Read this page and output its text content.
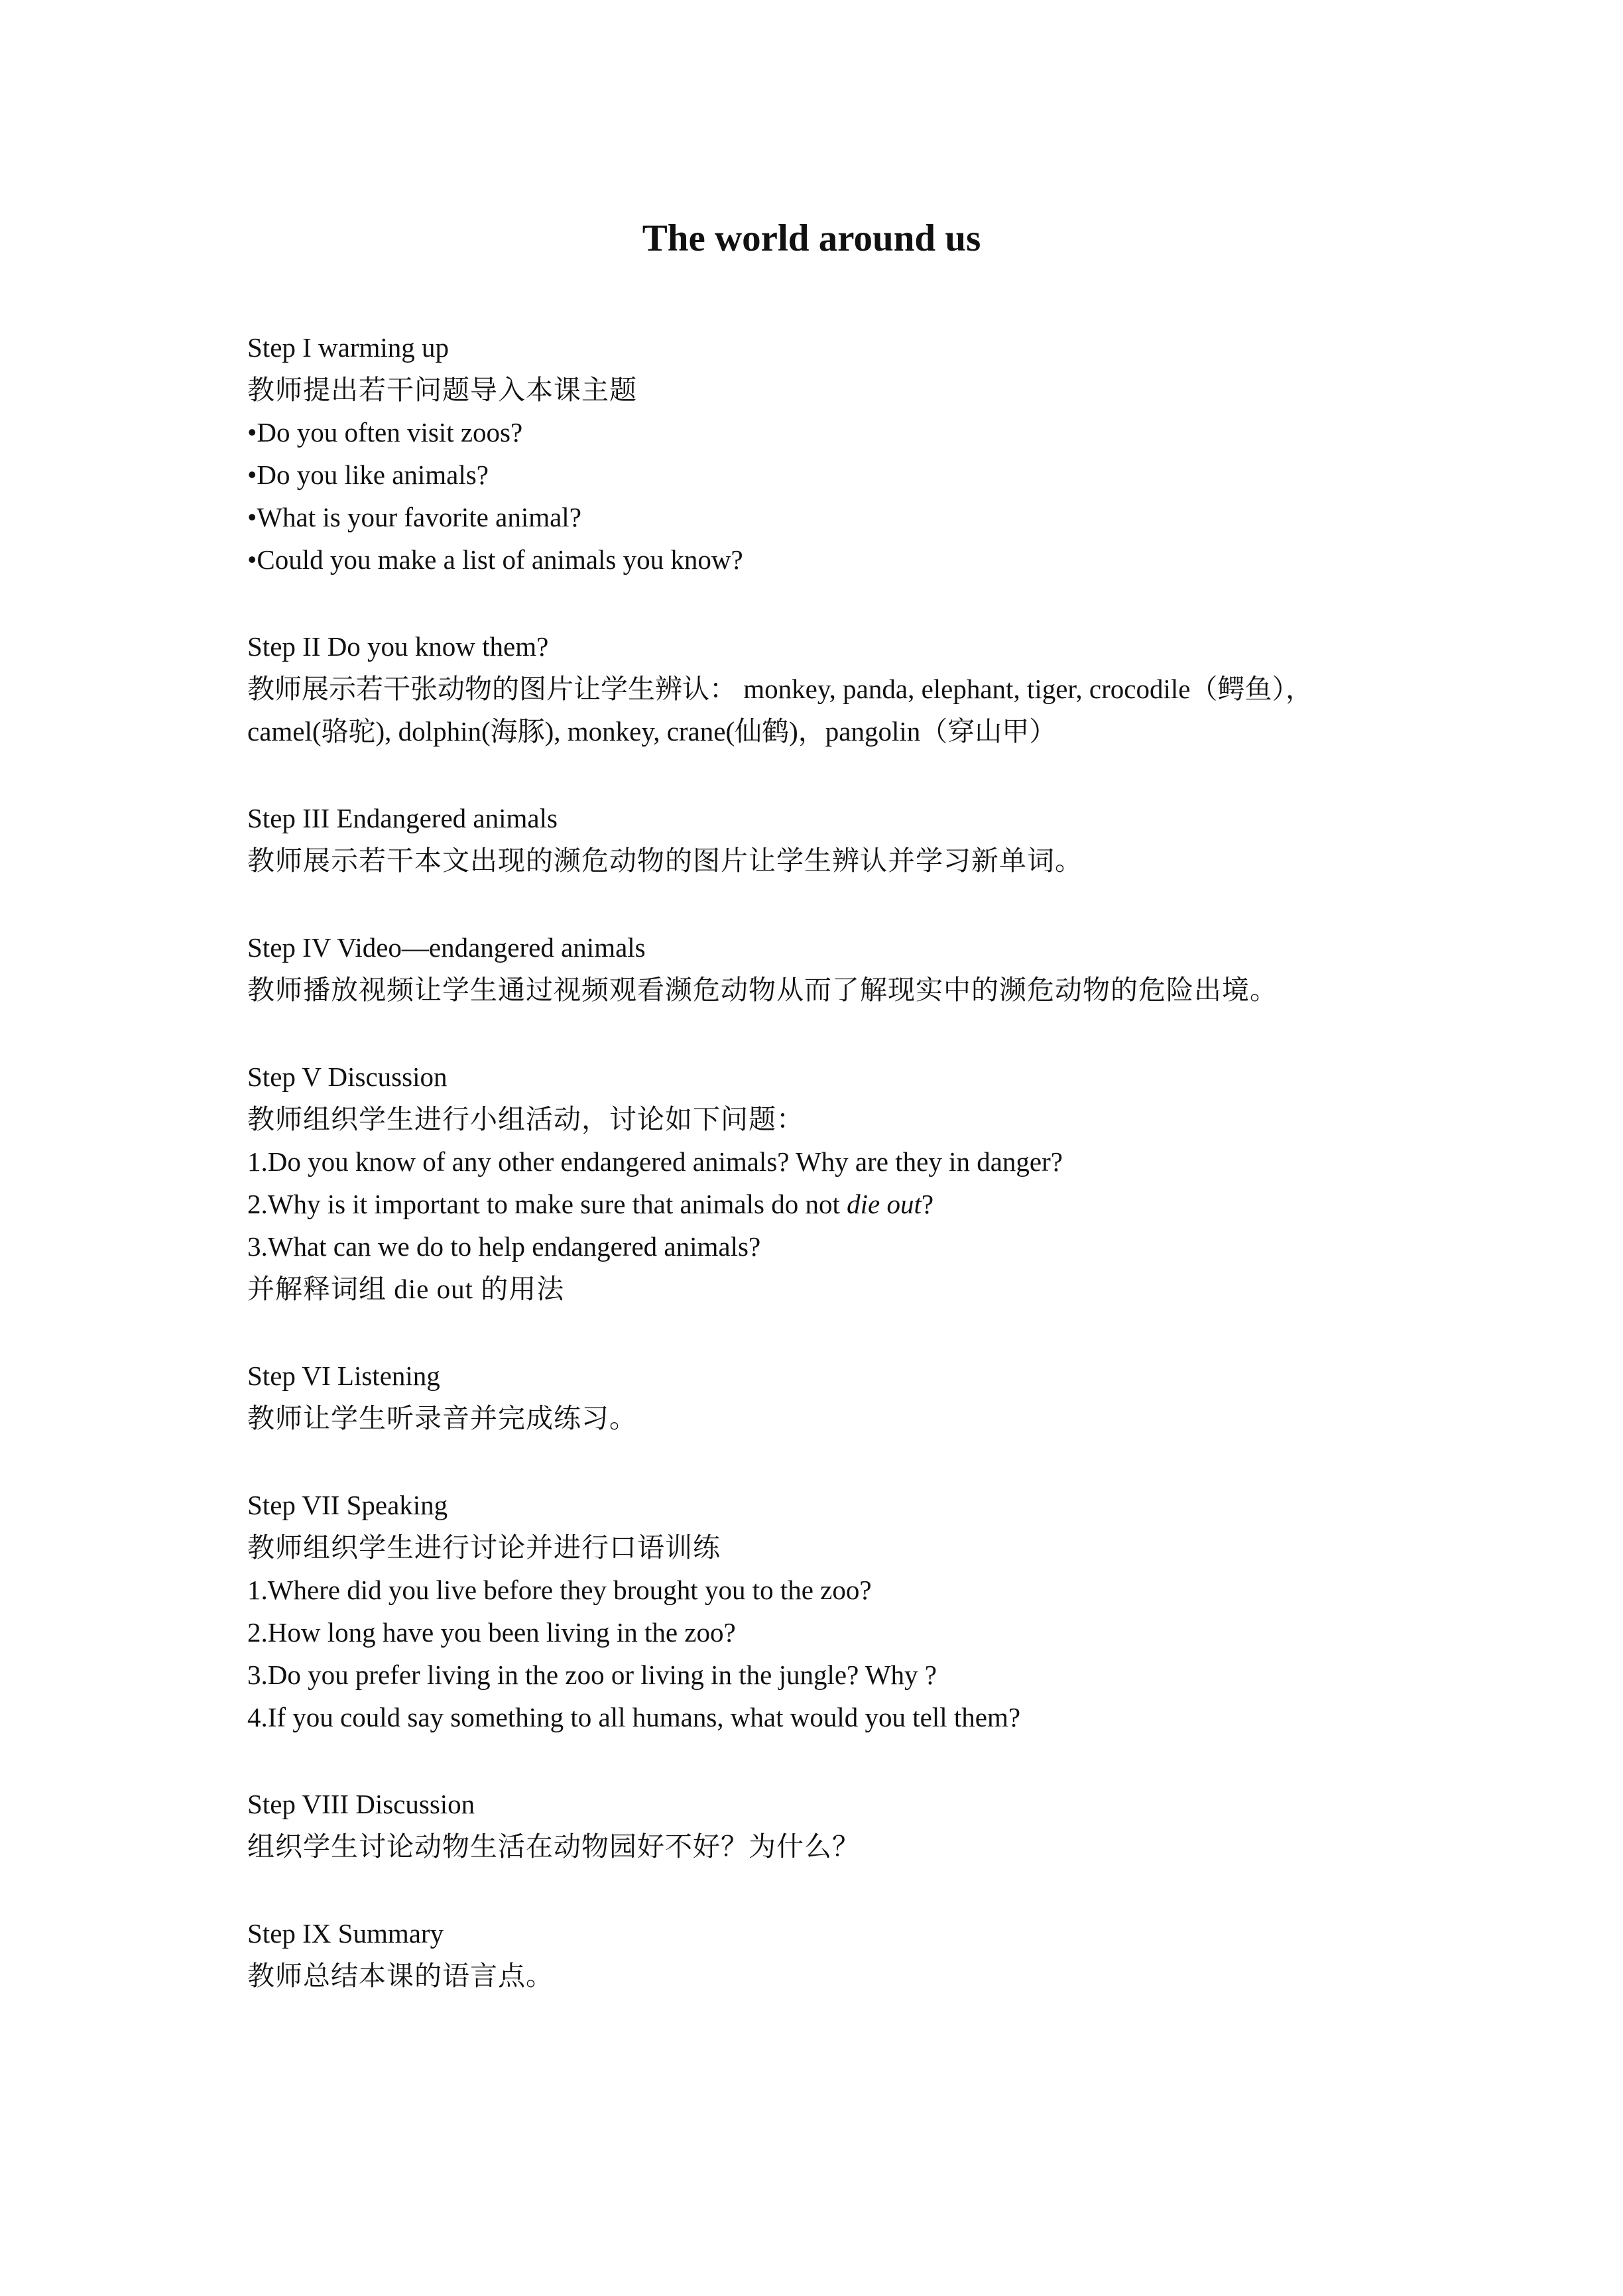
The world around us
Step I warming up
教师提出若干问题导入本课主题
•Do you often visit zoos?
•Do you like animals?
•What is your favorite animal?
•Could you make a list of animals you know?
Step II Do you know them?
教师展示若干张动物的图片让学生辨认： monkey, panda, elephant, tiger, crocodile（鳄鱼），
camel(骆驼), dolphin(海豚), monkey, crane(仙鹤)，pangolin（穿山甲）
Step III Endangered animals
教师展示若干本文出现的濒危动物的图片让学生辨认并学习新单词。
Step IV Video—endangered animals
教师播放视频让学生通过视频观看濒危动物从而了解现实中的濒危动物的危险出境。
Step V Discussion
教师组织学生进行小组活动，讨论如下问题：
1.Do you know of any other endangered animals? Why are they in danger?
2.Why is it important to make sure that animals do not die out?
3.What can we do to help endangered animals?
并解释词组 die out 的用法
Step VI Listening
教师让学生听录音并完成练习。
Step VII Speaking
教师组织学生进行讨论并进行口语训练
1.Where did you live before they brought you to the zoo?
2.How long have you been living in the zoo?
3.Do you prefer living in the zoo or living in the jungle? Why ?
4.If you could say something to all humans, what would you tell them?
Step VIII Discussion
组织学生讨论动物生活在动物园好不好？为什么？
Step IX Summary
教师总结本课的语言点。
